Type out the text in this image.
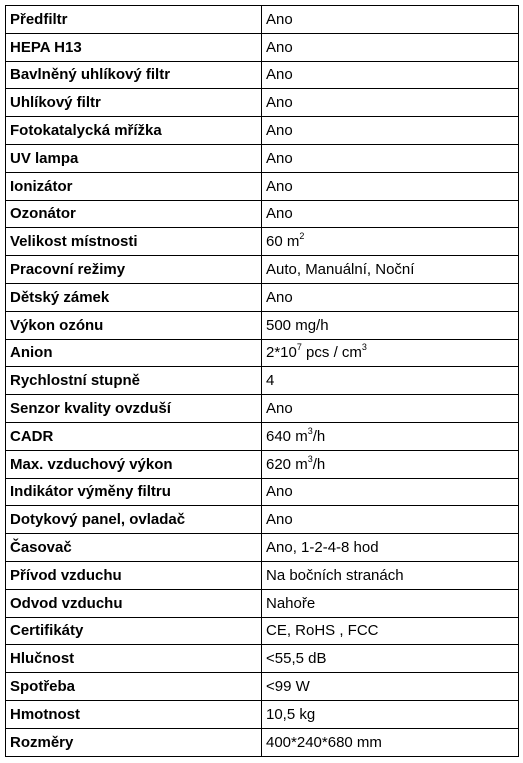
Předfiltr	Ano
HEPA H13	Ano
Bavlněný uhlíkový filtr	Ano
Uhlíkový filtr	Ano
Fotokatalycká mřížka	Ano
UV lampa	Ano
Ionizátor	Ano
Ozonátor	Ano
Velikost místnosti	60 $m^2$
Pracovní režimy	Auto, Manuální, Noční
Dětský zámek	Ano
Výkon ozónu	500 mg/h
Anion	$2*10^7$ pcs / $cm^3$
Rychlostní stupně	4
Senzor kvality ovzduší	Ano
CADR	640 $m^3/h$
Max. vzduchový výkon	620 $m^3/h$
Indikátor výměny filtru	Ano
Dotykový panel, ovladač	Ano
Časovač	Ano, 1-2-4-8 hod
Přívod vzduchu	Na bočních stranách
Odvod vzduchu	Nahoře
Certifikáty	CE, RoHS , FCC
Hlučnost	<55,5 dB
Spotřeba	<99 W
Hmotnost	10,5 kg
Rozměry	400*240*680 mm
